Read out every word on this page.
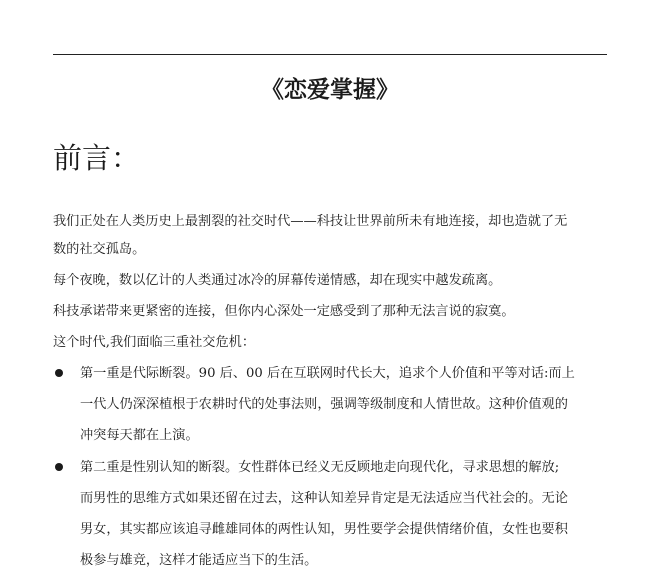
《恋爱掌握》
前言：

我们正处在人类历史上最割裂的社交时代——科技让世界前所未有地连接，却也造就了无

数的社交孤岛。

每个夜晚，数以亿计的人类通过冰冷的屏幕传递情感，却在现实中越发疏离。

科技承诺带来更紧密的连接，但你内心深处一定感受到了那种无法言说的寂寞。

这个时代,我们面临三重社交危机：

第一重是代际断裂。90 后、00 后在互联网时代长大，追求个人价值和平等对话:而上
一代人仍深深植根于农耕时代的处事法则，强调等级制度和人情世故。这种价值观的
冲突每天都在上演。
第二重是性别认知的断裂。女性群体已经义无反顾地走向现代化，寻求思想的解放;
而男性的思维方式如果还留在过去，这种认知差异肯定是无法适应当代社会的。无论
男女，其实都应该追寻雌雄同体的两性认知，男性要学会提供情绪价值，女性也要积
极参与雄竞，这样才能适应当下的生活。
